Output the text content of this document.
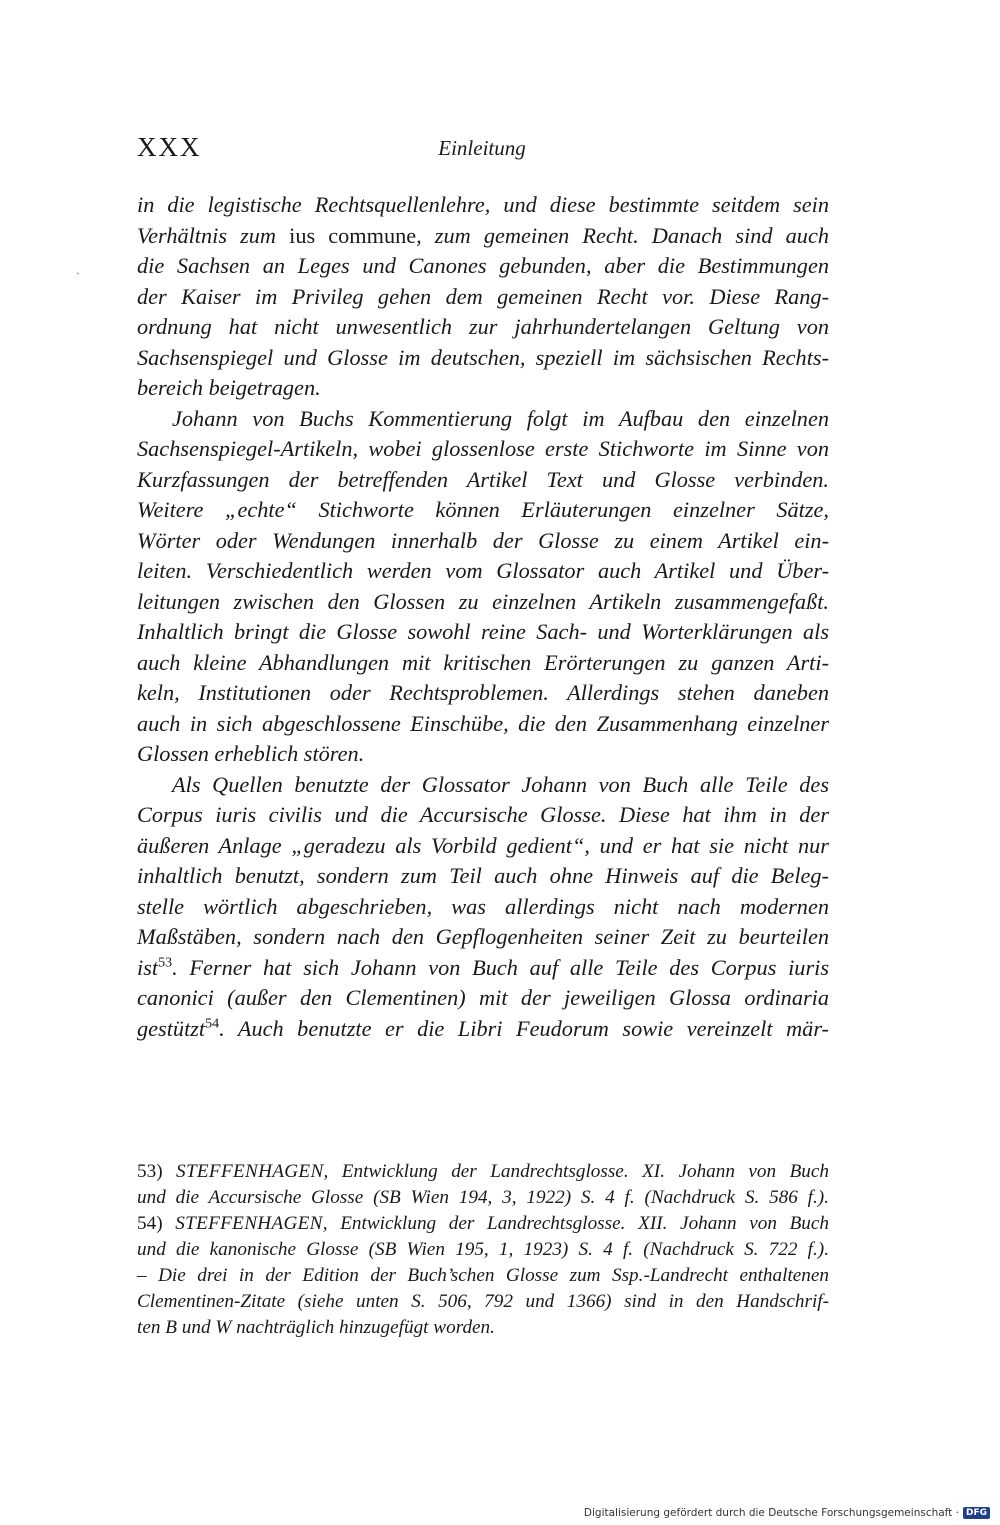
XXX	Einleitung
`
in die legistische Rechtsquellenlehre, und diese bestimmte seitdem sein
Verhältnis zum ius commune, zum gemeinen Recht. Danach sind auch
die Sachsen an Leges und Canones gebunden, aber die Bestimmungen
der Kaiser im Privileg gehen dem gemeinen Recht vor. Diese Rang-
ordnung hat nicht unwesentlich zur jahrhundertelangen Geltung von
Sachsenspiegel und Glosse im deutschen, speziell im sächsischen Rechts-
bereich beigetragen.
Johann von Buchs Kommentierung folgt im Aufbau den einzelnen
Sachsenspiegel-Artikeln, wobei glossenlose erste Stichworte im Sinne von
Kurzfassungen der betreffenden Artikel Text und Glosse verbinden.
Weitere „echte“ Stichworte können Erläuterungen einzelner Sätze,
Wörter oder Wendungen innerhalb der Glosse zu einem Artikel ein-
leiten. Verschiedentlich werden vom Glossator auch Artikel und Über-
leitungen zwischen den Glossen zu einzelnen Artikeln zusammengefaßt.
Inhaltlich bringt die Glosse sowohl reine Sach- und Worterklärungen als
auch kleine Abhandlungen mit kritischen Erörterungen zu ganzen Arti-
keln, Institutionen oder Rechtsproblemen. Allerdings stehen daneben
auch in sich abgeschlossene Einschübe, die den Zusammenhang einzelner
Glossen erheblich stören.
Als Quellen benutzte der Glossator Johann von Buch alle Teile des
Corpus iuris civilis und die Accursische Glosse. Diese hat ihm in der
äußeren Anlage „geradezu als Vorbild gedient“, und er hat sie nicht nur
inhaltlich benutzt, sondern zum Teil auch ohne Hinweis auf die Beleg-
stelle wörtlich abgeschrieben, was allerdings nicht nach modernen
Maßstäben, sondern nach den Gepflogenheiten seiner Zeit zu beurteilen
ist$^{53}$. Ferner hat sich Johann von Buch auf alle Teile des Corpus iuris
canonici (außer den Clementinen) mit der jeweiligen Glossa ordinaria
gestützt$^{54}$. Auch benutzte er die Libri Feudorum sowie vereinzelt mär-
53) STEFFENHAGEN, Entwicklung der Landrechtsglosse. XI. Johann von Buch
und die Accursische Glosse (SB Wien 194, 3, 1922) S. 4 f. (Nachdruck S. 586 f.).
54) STEFFENHAGEN, Entwicklung der Landrechtsglosse. XII. Johann von Buch
und die kanonische Glosse (SB Wien 195, 1, 1923) S. 4 f. (Nachdruck S. 722 f.).
– Die drei in der Edition der Buch’schen Glosse zum Ssp.-Landrecht enthaltenen
Clementinen-Zitate (siehe unten S. 506, 792 und 1366) sind in den Handschrif-
ten B und W nachträglich hinzugefügt worden.
Digitalisierung gefördert durch die Deutsche Forschungsgemeinschaft · DFG
